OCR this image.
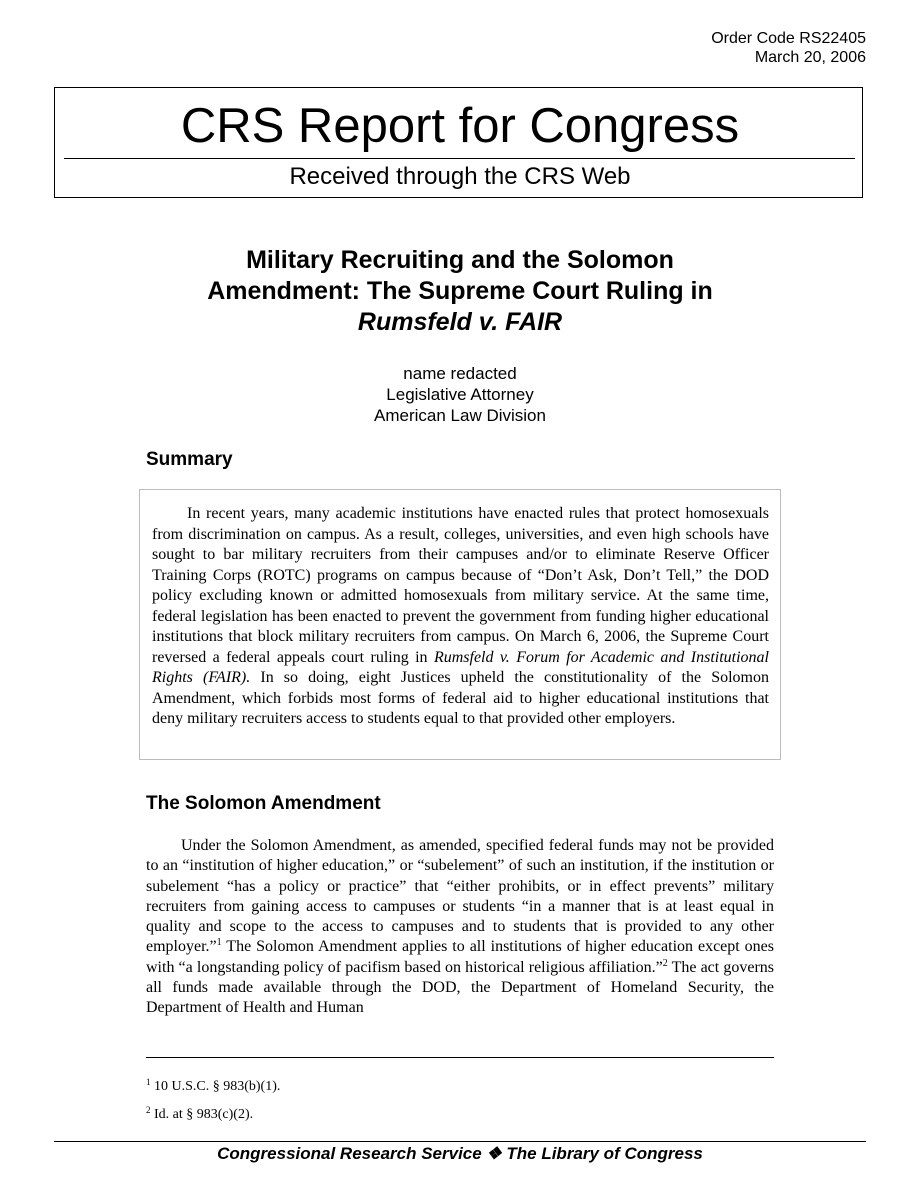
Order Code RS22405
March 20, 2006
CRS Report for Congress
Received through the CRS Web
Military Recruiting and the Solomon
Amendment: The Supreme Court Ruling in
Rumsfeld v. FAIR
name redacted
Legislative Attorney
American Law Division
Summary

In recent years, many academic institutions have enacted rules that protect homosexuals from discrimination on campus. As a result, colleges, universities, and even high schools have sought to bar military recruiters from their campuses and/or to eliminate Reserve Officer Training Corps (ROTC) programs on campus because of “Don’t Ask, Don’t Tell,” the DOD policy excluding known or admitted homosexuals from military service. At the same time, federal legislation has been enacted to prevent the government from funding higher educational institutions that block military recruiters from campus. On March 6, 2006, the Supreme Court reversed a federal appeals court ruling in Rumsfeld v. Forum for Academic and Institutional Rights (FAIR). In so doing, eight Justices upheld the constitutionality of the Solomon Amendment, which forbids most forms of federal aid to higher educational institutions that deny military recruiters access to students equal to that provided other employers.

The Solomon Amendment

Under the Solomon Amendment, as amended, specified federal funds may not be provided to an “institution of higher education,” or “subelement” of such an institution, if the institution or subelement “has a policy or practice” that “either prohibits, or in effect prevents” military recruiters from gaining access to campuses or students “in a manner that is at least equal in quality and scope to the access to campuses and to students that is provided to any other employer.”$^1$ The Solomon Amendment applies to all institutions of higher education except ones with “a longstanding policy of pacifism based on historical religious affiliation.”$^2$ The act governs all funds made available through the DOD, the Department of Homeland Security, the Department of Health and Human

$^1$ 10 U.S.C. § 983(b)(1).
$^2$ Id. at § 983(c)(2).
Congressional Research Service ❖ The Library of Congress
